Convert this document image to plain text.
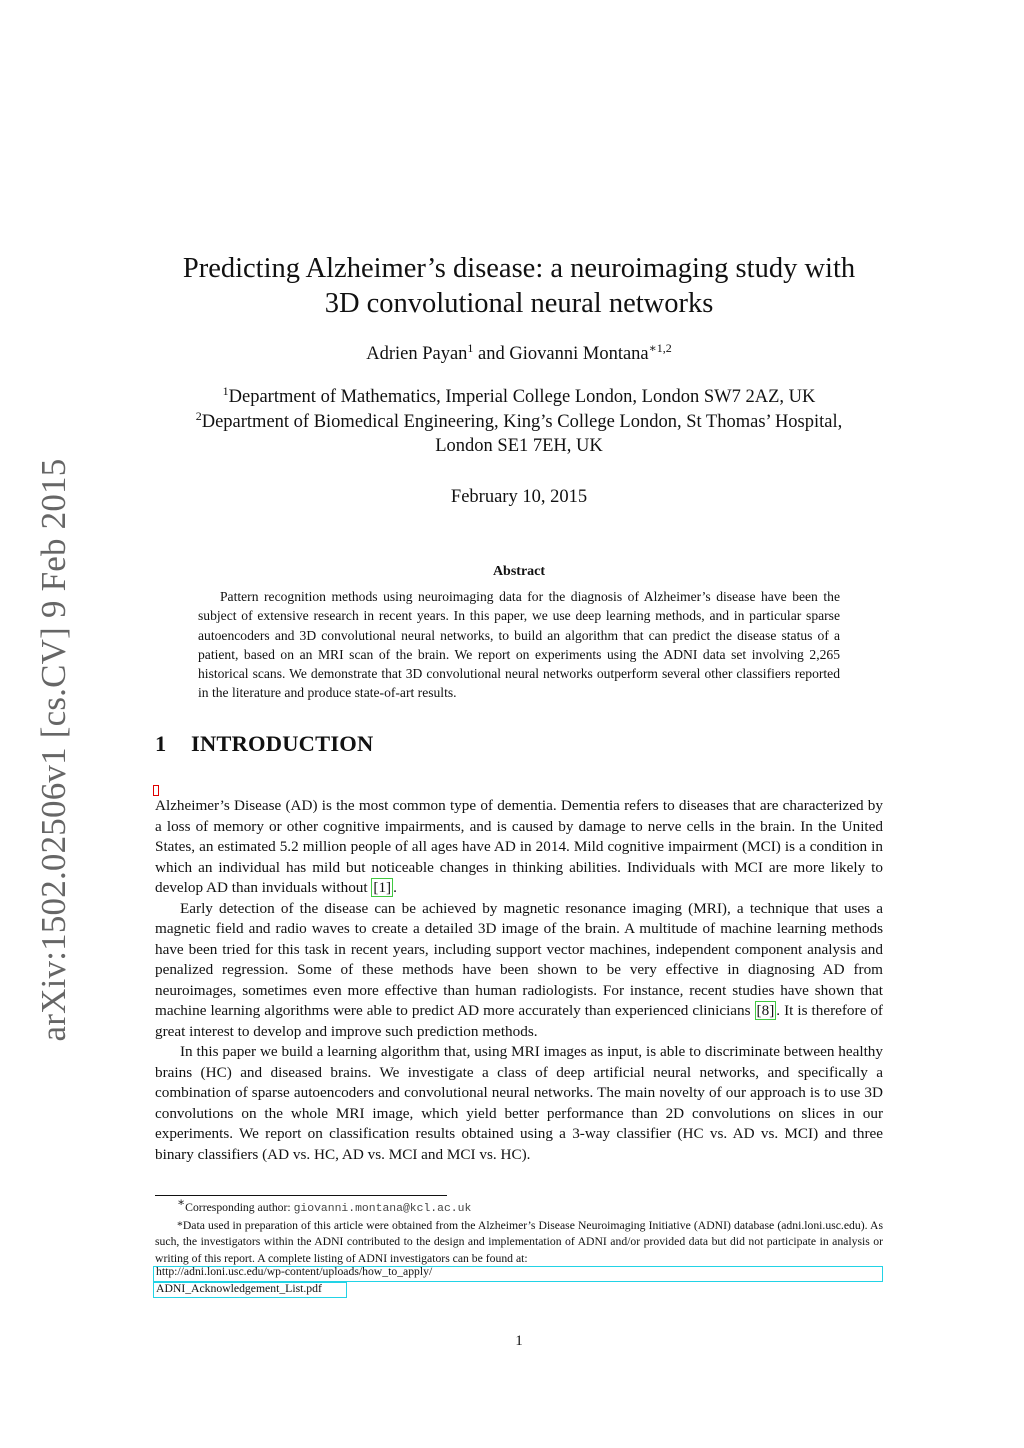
arXiv:1502.02506v1 [cs.CV] 9 Feb 2015
Predicting Alzheimer’s disease: a neuroimaging study with
3D convolutional neural networks
Adrien Payan$^1$ and Giovanni Montana$^{∗1,2}$
$^1$Department of Mathematics, Imperial College London, London SW7 2AZ, UK
$^2$Department of Biomedical Engineering, King’s College London, St Thomas’ Hospital,
London SE1 7EH, UK
February 10, 2015
Abstract
Pattern recognition methods using neuroimaging data for the diagnosis of Alzheimer’s disease have been the subject of extensive research in recent years. In this paper, we use deep learning methods, and in particular sparse autoencoders and 3D convolutional neural networks, to build an algorithm that can predict the disease status of a patient, based on an MRI scan of the brain. We report on experiments using the ADNI data set involving 2,265 historical scans. We demonstrate that 3D convolutional neural networks outperform several other classifiers reported in the literature and produce state-of-art results.
1 INTRODUCTION

Alzheimer’s Disease (AD) is the most common type of dementia. Dementia refers to diseases that are characterized by a loss of memory or other cognitive impairments, and is caused by damage to nerve cells in the brain. In the United States, an estimated 5.2 million people of all ages have AD in 2014. Mild cognitive impairment (MCI) is a condition in which an individual has mild but noticeable changes in thinking abilities. Individuals with MCI are more likely to develop AD than inviduals without [1] .

Early detection of the disease can be achieved by magnetic resonance imaging (MRI), a technique that uses a magnetic field and radio waves to create a detailed 3D image of the brain. A multitude of machine learning methods have been tried for this task in recent years, including support vector machines, independent component analysis and penalized regression. Some of these methods have been shown to be very effective in diagnosing AD from neuroimages, sometimes even more effective than human radiologists. For instance, recent studies have shown that machine learning algorithms were able to predict AD more accurately than experienced clinicians [8] . It is therefore of great interest to develop and improve such prediction methods.

In this paper we build a learning algorithm that, using MRI images as input, is able to discriminate between healthy brains (HC) and diseased brains. We investigate a class of deep artificial neural networks, and specifically a combination of sparse autoencoders and convolutional neural networks. The main novelty of our approach is to use 3D convolutions on the whole MRI image, which yield better performance than 2D convolutions on slices in our experiments. We report on classification results obtained using a 3-way classifier (HC vs. AD vs. MCI) and three binary classifiers (AD vs. HC, AD vs. MCI and MCI vs. HC).

∗Corresponding author: giovanni.montana@kcl.ac.uk

*Data used in preparation of this article were obtained from the Alzheimer’s Disease Neuroimaging Initiative (ADNI) database (adni.loni.usc.edu). As such, the investigators within the ADNI contributed to the design and implementation of ADNI and/or provided data but did not participate in analysis or writing of this report. A complete listing of ADNI investigators can be found at:

http://adni.loni.usc.edu/wp-content/uploads/how_to_apply/
ADNI_Acknowledgement_List.pdf
1
